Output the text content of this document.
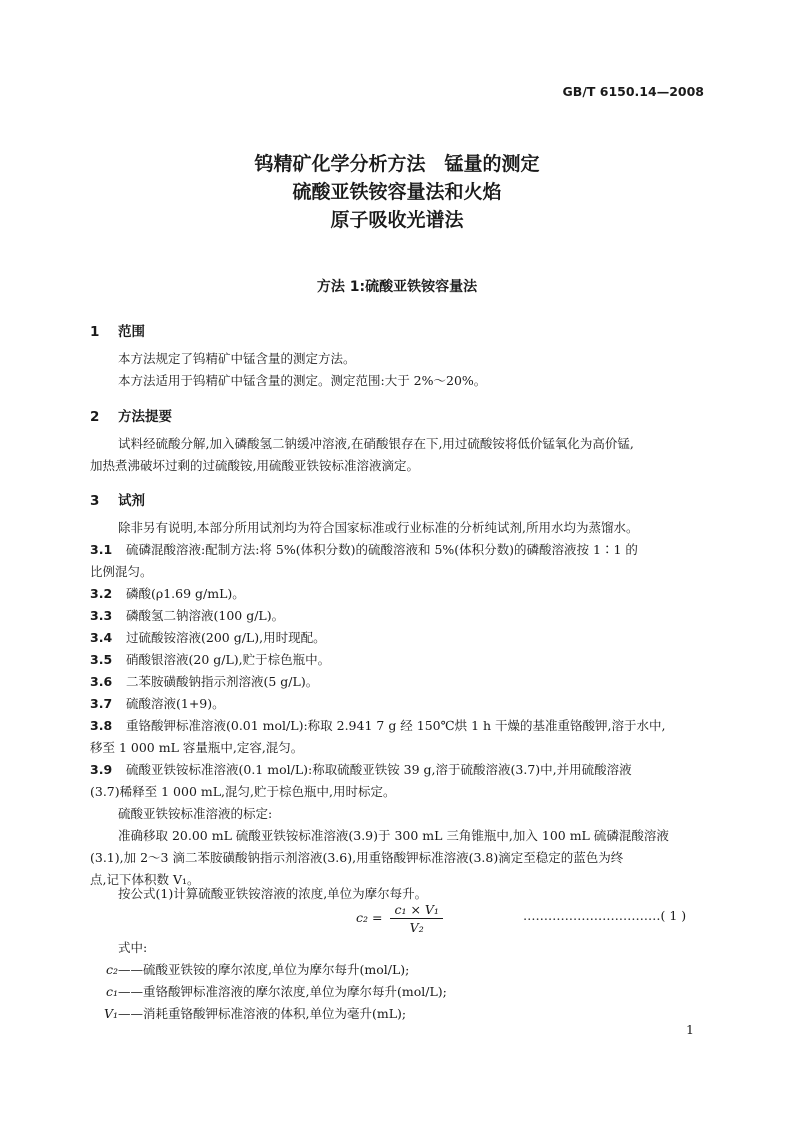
GB/T 6150.14—2008
钨精矿化学分析方法　锰量的测定
硫酸亚铁铵容量法和火焰
原子吸收光谱法
方法 1:硫酸亚铁铵容量法
1 范围
本方法规定了钨精矿中锰含量的测定方法。
本方法适用于钨精矿中锰含量的测定。测定范围:大于 2%～20%。
2 方法提要
试料经硫酸分解,加入磷酸氢二钠缓冲溶液,在硝酸银存在下,用过硫酸铵将低价锰氧化为高价锰,
加热煮沸破坏过剩的过硫酸铵,用硫酸亚铁铵标准溶液滴定。
3 试剂
除非另有说明,本部分所用试剂均为符合国家标准或行业标准的分析纯试剂,所用水均为蒸馏水。
3.1 硫磷混酸溶液:配制方法:将 5%(体积分数)的硫酸溶液和 5%(体积分数)的磷酸溶液按 1∶1 的
比例混匀。
3.2 磷酸(ρ1.69 g/mL)。
3.3 磷酸氢二钠溶液(100 g/L)。
3.4 过硫酸铵溶液(200 g/L),用时现配。
3.5 硝酸银溶液(20 g/L),贮于棕色瓶中。
3.6 二苯胺磺酸钠指示剂溶液(5 g/L)。
3.7 硫酸溶液(1+9)。
3.8 重铬酸钾标准溶液(0.01 mol/L):称取 2.941 7 g 经 150℃烘 1 h 干燥的基准重铬酸钾,溶于水中,
移至 1 000 mL 容量瓶中,定容,混匀。
3.9 硫酸亚铁铵标准溶液(0.1 mol/L):称取硫酸亚铁铵 39 g,溶于硫酸溶液(3.7)中,并用硫酸溶液
(3.7)稀释至 1 000 mL,混匀,贮于棕色瓶中,用时标定。
硫酸亚铁铵标准溶液的标定:
准确移取 20.00 mL 硫酸亚铁铵标准溶液(3.9)于 300 mL 三角锥瓶中,加入 100 mL 硫磷混酸溶液
(3.1),加 2～3 滴二苯胺磺酸钠指示剂溶液(3.6),用重铬酸钾标准溶液(3.8)滴定至稳定的蓝色为终
点,记下体积数 V₁。
按公式(1)计算硫酸亚铁铵溶液的浓度,单位为摩尔每升。
$c_2 = \frac{\text{c₁ × V₁}}{\text{V₂}}$	……………………………( 1 )
式中:
c₂——硫酸亚铁铵的摩尔浓度,单位为摩尔每升(mol/L);
c₁——重铬酸钾标准溶液的摩尔浓度,单位为摩尔每升(mol/L);
V₁——消耗重铬酸钾标准溶液的体积,单位为毫升(mL);
1
